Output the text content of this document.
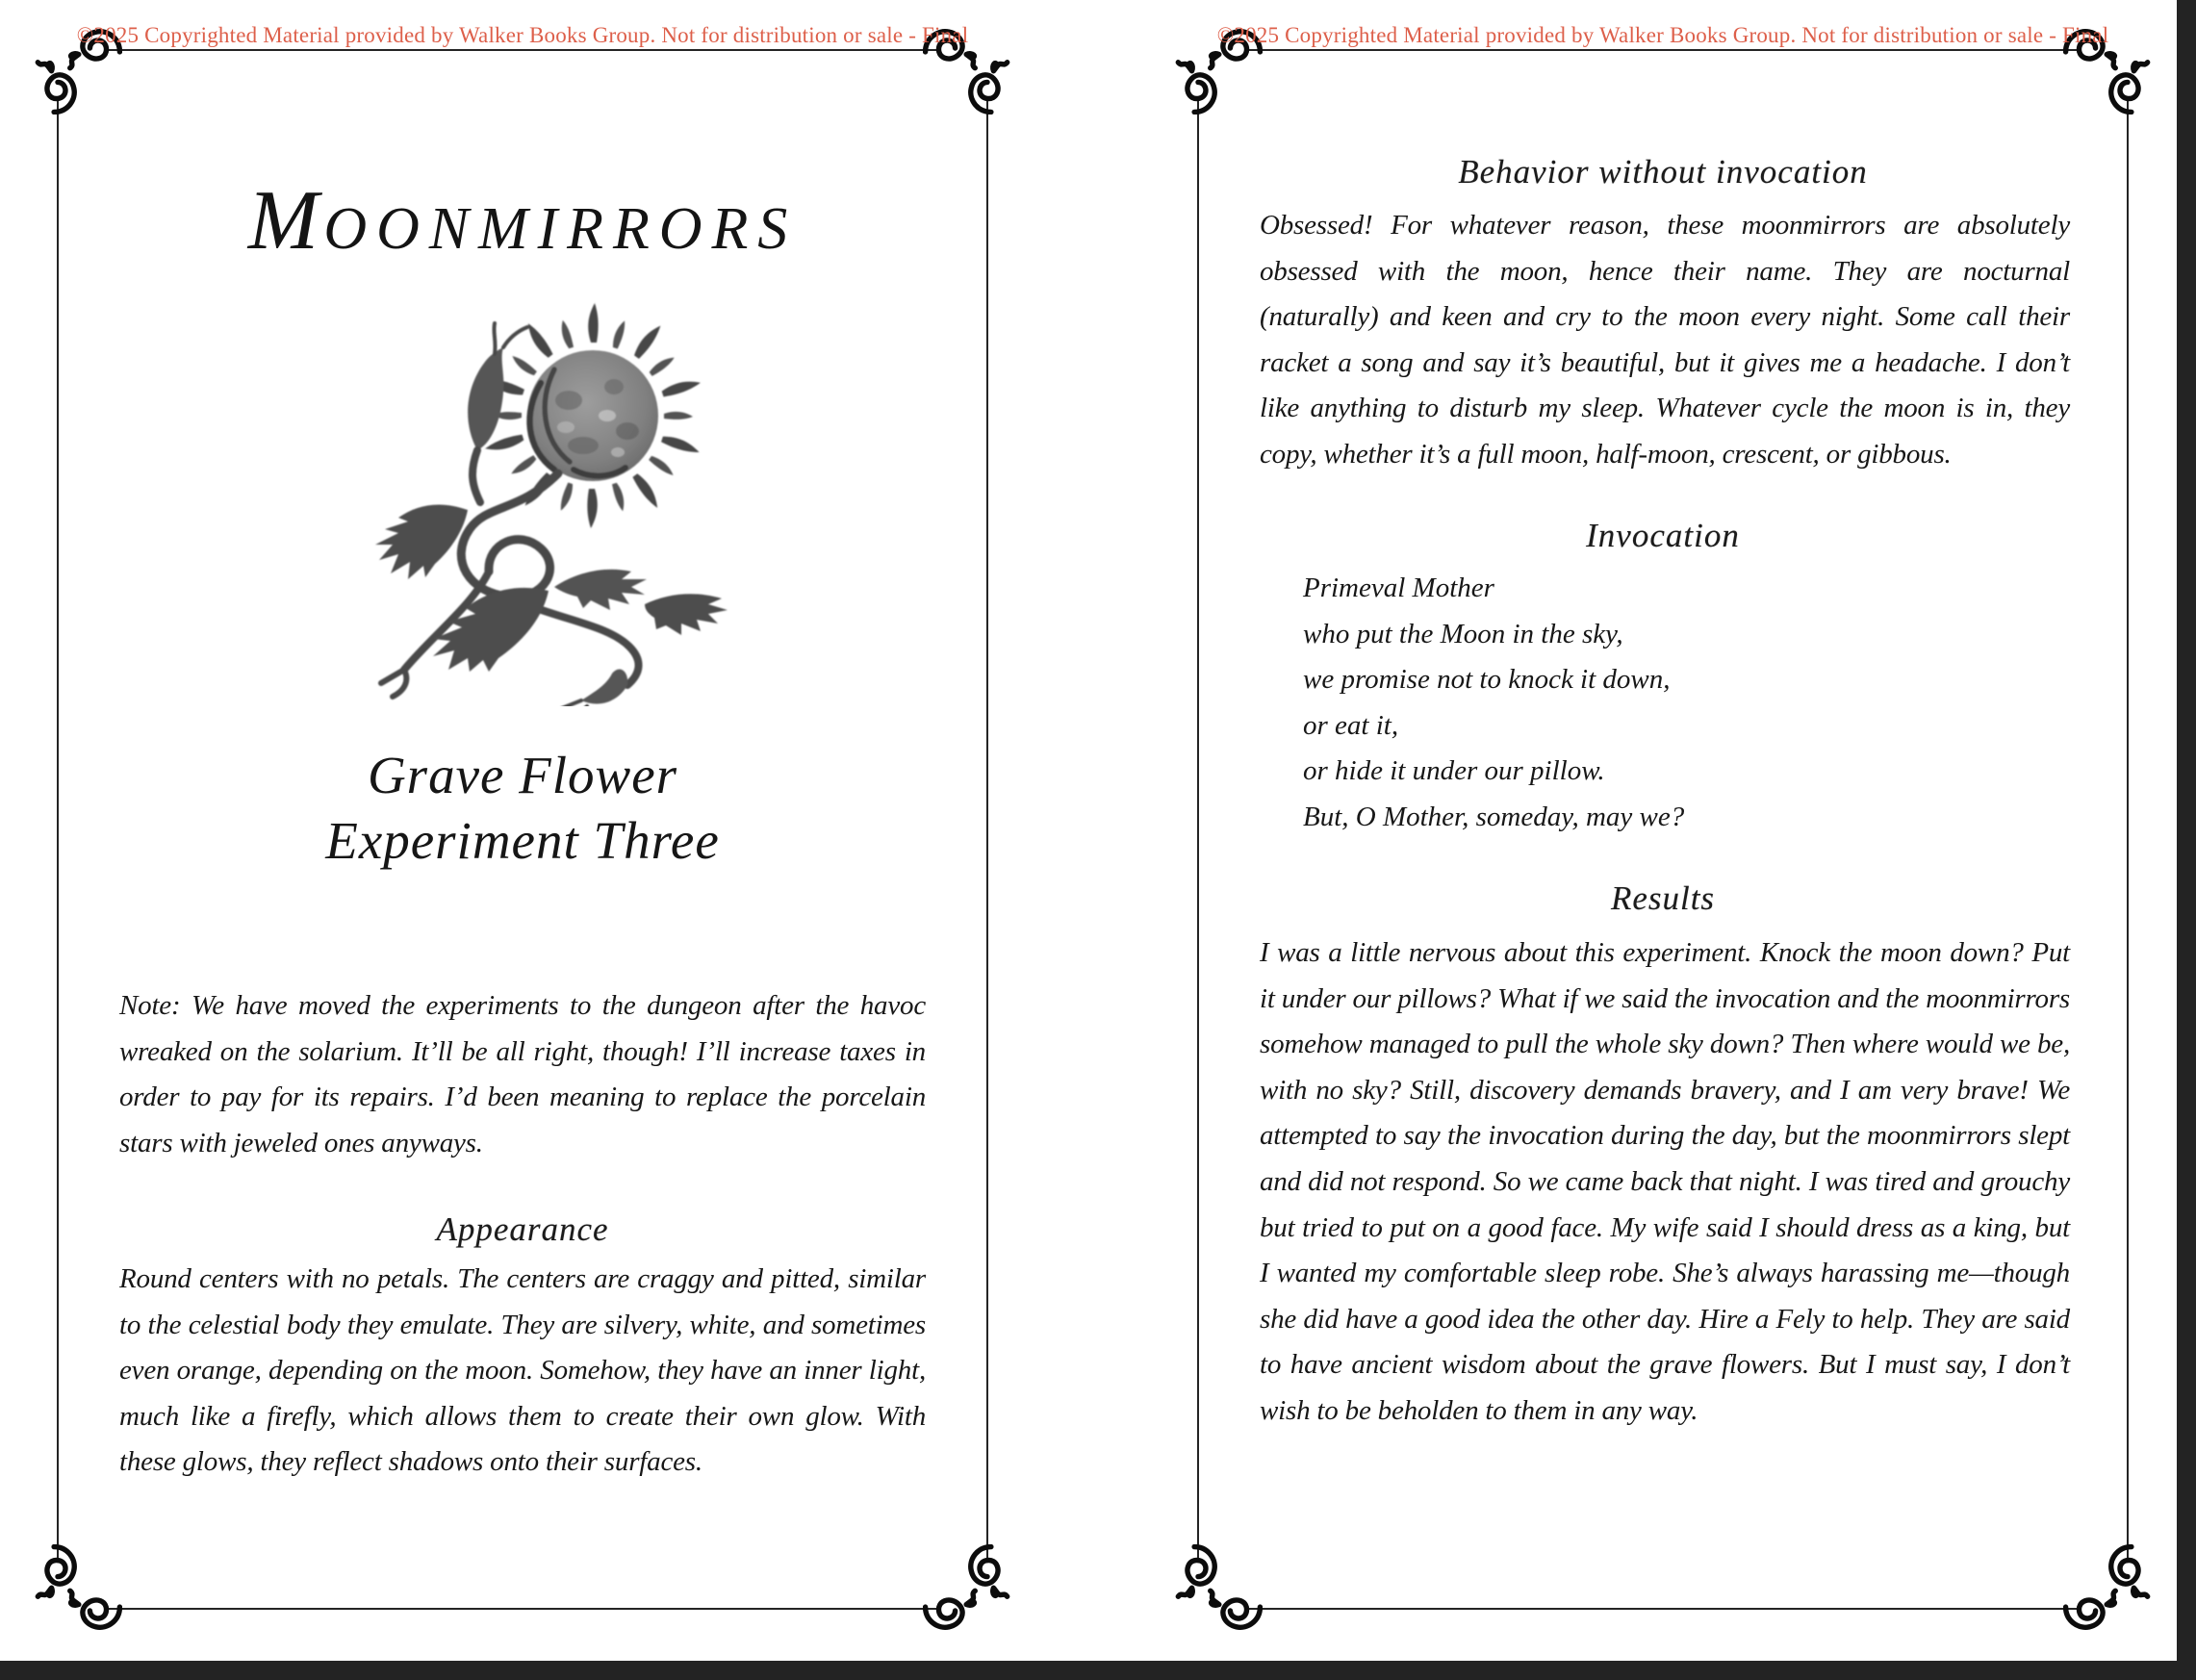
©2025 Copyrighted Material provided by Walker Books Group. Not for distribution or sale - Final
MOONMIRRORS
Grave Flower
Experiment Three
Note: We have moved the experiments to the dungeon after the havoc wreaked on the solarium. It’ll be all right, though! I’ll increase taxes in order to pay for its repairs. I’d been meaning to replace the porcelain stars with jeweled ones anyways.
Appearance
Round centers with no petals. The centers are craggy and pitted, similar to the celestial body they emulate. They are silvery, white, and sometimes even orange, depending on the moon. Somehow, they have an inner light, much like a firefly, which allows them to create their own glow. With these glows, they reflect shadows onto their surfaces.
©2025 Copyrighted Material provided by Walker Books Group. Not for distribution or sale - Final
Behavior without invocation
Obsessed! For whatever reason, these moonmirrors are absolutely obsessed with the moon, hence their name. They are nocturnal (naturally) and keen and cry to the moon every night. Some call their racket a song and say it’s beautiful, but it gives me a headache. I don’t like anything to disturb my sleep. Whatever cycle the moon is in, they copy, whether it’s a full moon, half-moon, crescent, or gibbous.
Invocation
Primeval Mother
who put the Moon in the sky,
we promise not to knock it down,
or eat it,
or hide it under our pillow.
But, O Mother, someday, may we?
Results
I was a little nervous about this experiment. Knock the moon down? Put it under our pillows? What if we said the invocation and the moonmirrors somehow managed to pull the whole sky down? Then where would we be, with no sky? Still, discovery demands bravery, and I am very brave! We attempted to say the invocation during the day, but the moonmirrors slept and did not respond. So we came back that night. I was tired and grouchy but tried to put on a good face. My wife said I should dress as a king, but I wanted my comfortable sleep robe. She’s always harassing me—though she did have a good idea the other day. Hire a Fely to help. They are said to have ancient wisdom about the grave flowers. But I must say, I don’t wish to be beholden to them in any way.
